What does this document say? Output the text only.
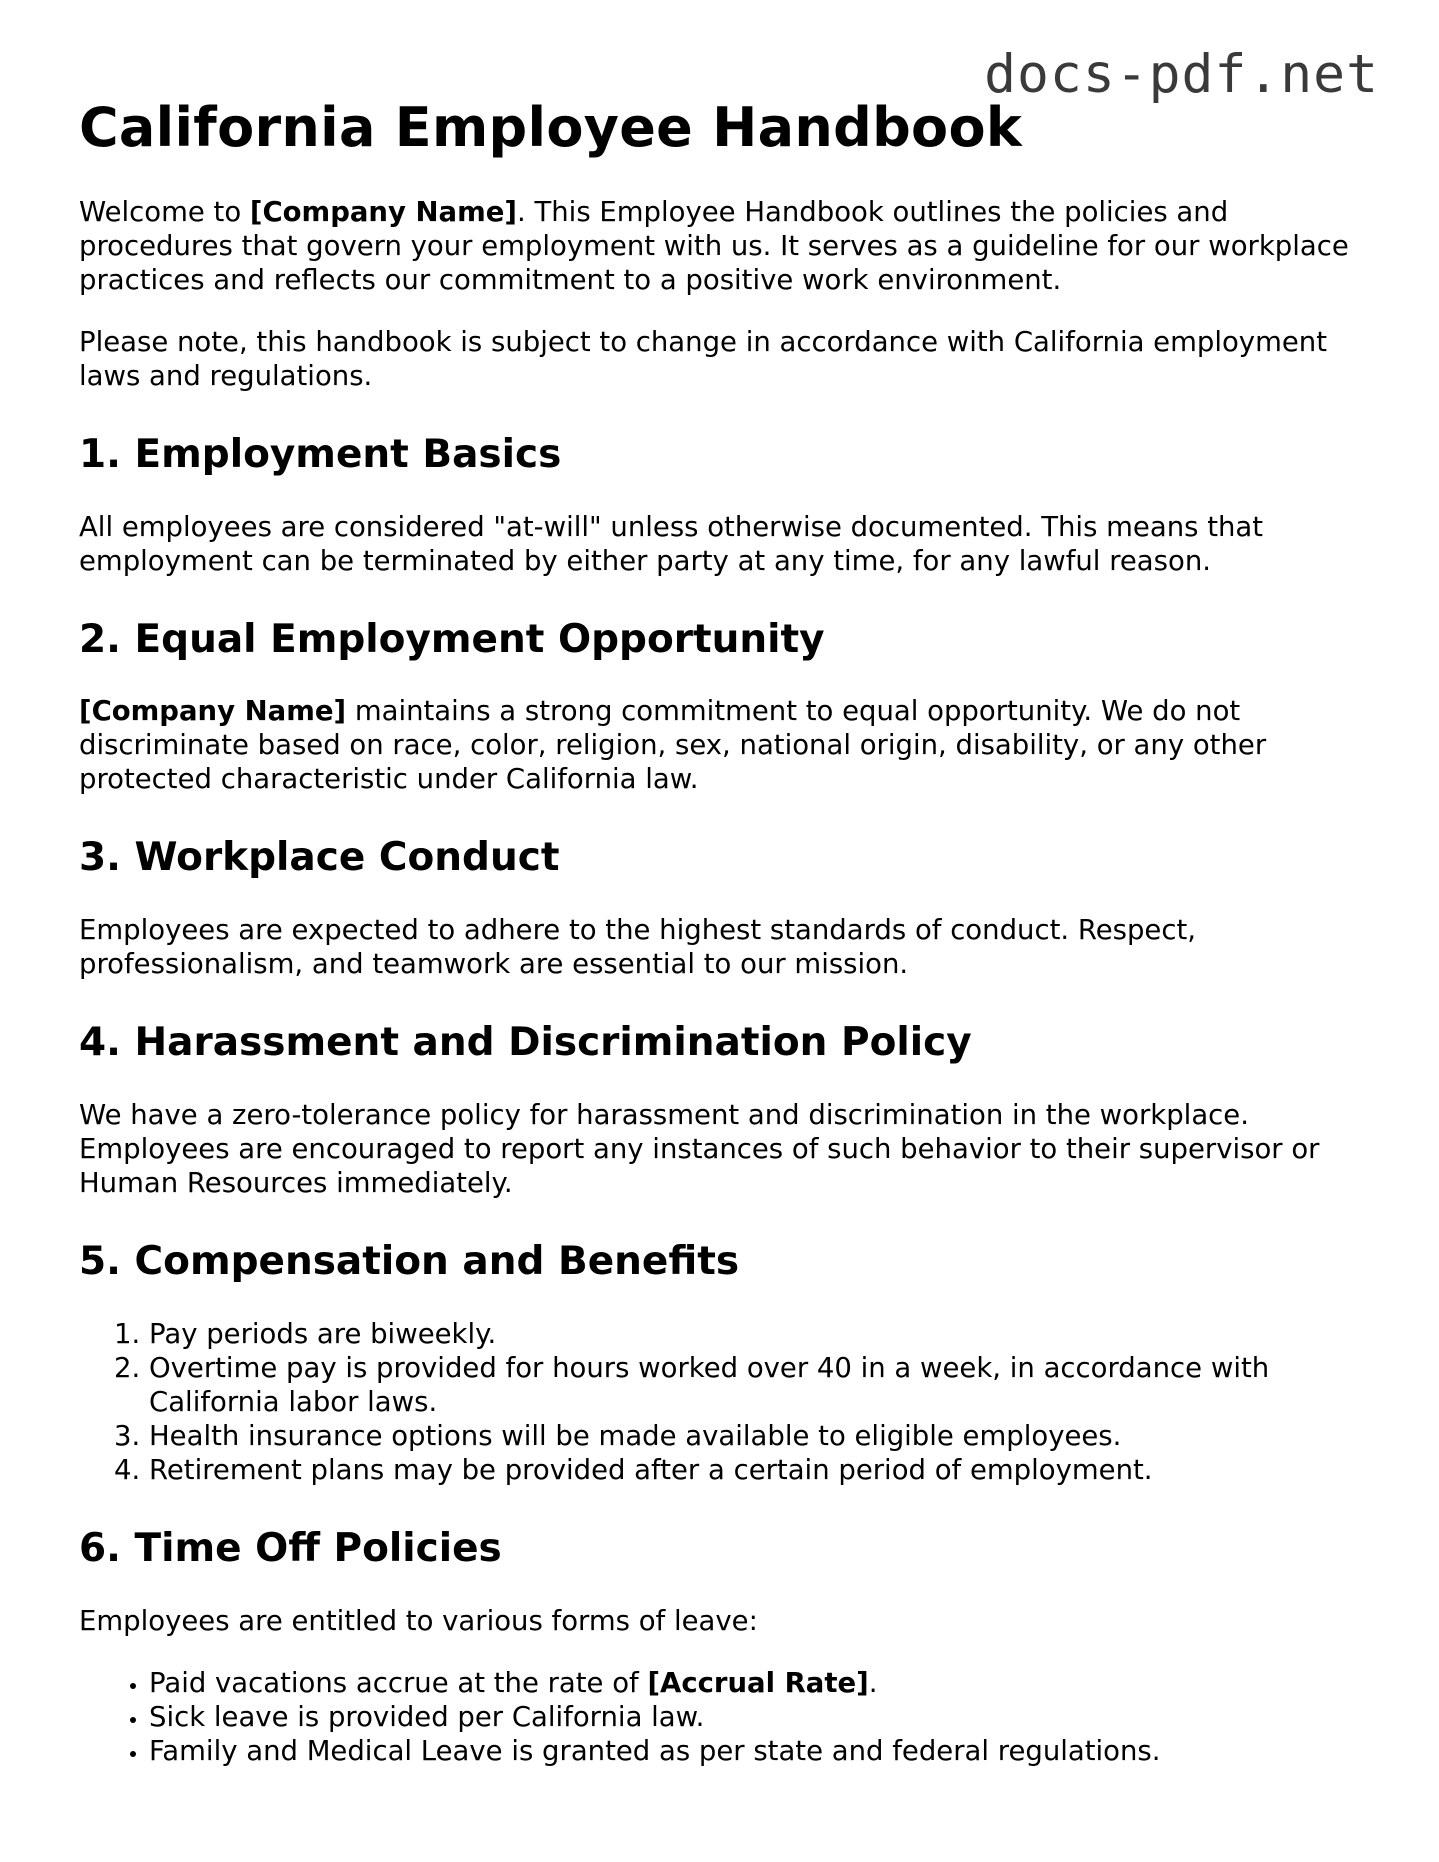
docs-pdf.net
California Employee Handbook

Welcome to [Company Name]. This Employee Handbook outlines the policies and procedures that govern your employment with us. It serves as a guideline for our workplace practices and reflects our commitment to a positive work environment.

Please note, this handbook is subject to change in accordance with California employment laws and regulations.

1. Employment Basics

All employees are considered "at-will" unless otherwise documented. This means that employment can be terminated by either party at any time, for any lawful reason.

2. Equal Employment Opportunity

[Company Name] maintains a strong commitment to equal opportunity. We do not discriminate based on race, color, religion, sex, national origin, disability, or any other protected characteristic under California law.

3. Workplace Conduct

Employees are expected to adhere to the highest standards of conduct. Respect, professionalism, and teamwork are essential to our mission.

4. Harassment and Discrimination Policy

We have a zero-tolerance policy for harassment and discrimination in the workplace. Employees are encouraged to report any instances of such behavior to their supervisor or Human Resources immediately.

5. Compensation and Benefits
1. Pay periods are biweekly.
2. Overtime pay is provided for hours worked over 40 in a week, in accordance with California labor laws.
3. Health insurance options will be made available to eligible employees.
4. Retirement plans may be provided after a certain period of employment.
6. Time Off Policies

Employees are entitled to various forms of leave:

• Paid vacations accrue at the rate of [Accrual Rate].
• Sick leave is provided per California law.
• Family and Medical Leave is granted as per state and federal regulations.
